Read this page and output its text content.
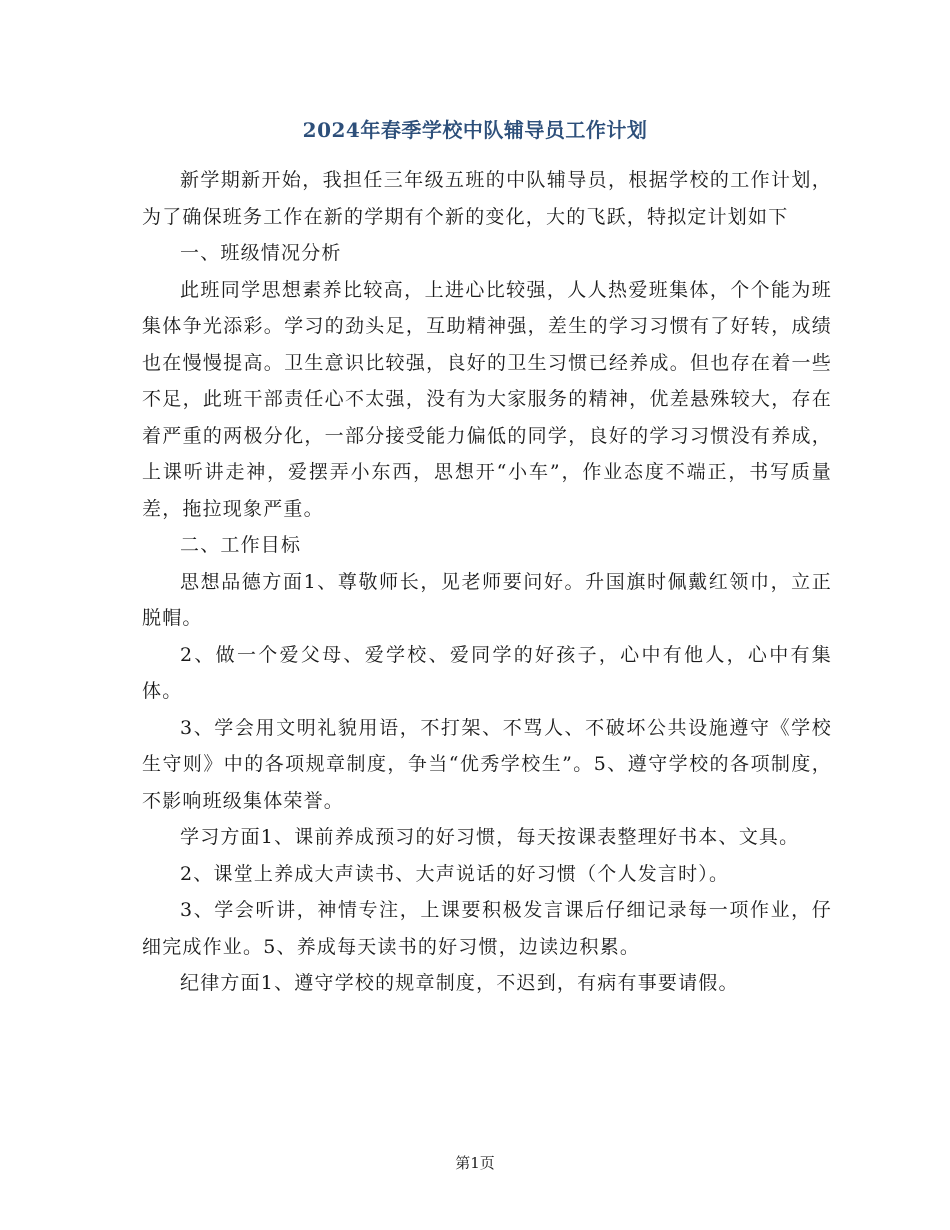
2024年春季学校中队辅导员工作计划

新学期新开始，我担任三年级五班的中队辅导员，根据学校的工作计划，为了确保班务工作在新的学期有个新的变化，大的飞跃，特拟定计划如下

一、班级情况分析

此班同学思想素养比较高，上进心比较强，人人热爱班集体，个个能为班集体争光添彩。学习的劲头足，互助精神强，差生的学习习惯有了好转，成绩也在慢慢提高。卫生意识比较强，良好的卫生习惯已经养成。但也存在着一些不足，此班干部责任心不太强，没有为大家服务的精神，优差悬殊较大，存在着严重的两极分化，一部分接受能力偏低的同学，良好的学习习惯没有养成，上课听讲走神，爱摆弄小东西，思想开“小车”，作业态度不端正，书写质量差，拖拉现象严重。

二、工作目标

思想品德方面1、尊敬师长，见老师要问好。升国旗时佩戴红领巾，立正脱帽。

2、做一个爱父母、爱学校、爱同学的好孩子，心中有他人，心中有集体。

3、学会用文明礼貌用语，不打架、不骂人、不破坏公共设施遵守《学校生守则》中的各项规章制度，争当“优秀学校生”。5、遵守学校的各项制度，不影响班级集体荣誉。

学习方面1、课前养成预习的好习惯，每天按课表整理好书本、文具。

2、课堂上养成大声读书、大声说话的好习惯（个人发言时）。

3、学会听讲，神情专注，上课要积极发言课后仔细记录每一项作业，仔细完成作业。5、养成每天读书的好习惯，边读边积累。

纪律方面1、遵守学校的规章制度，不迟到，有病有事要请假。

第1页
